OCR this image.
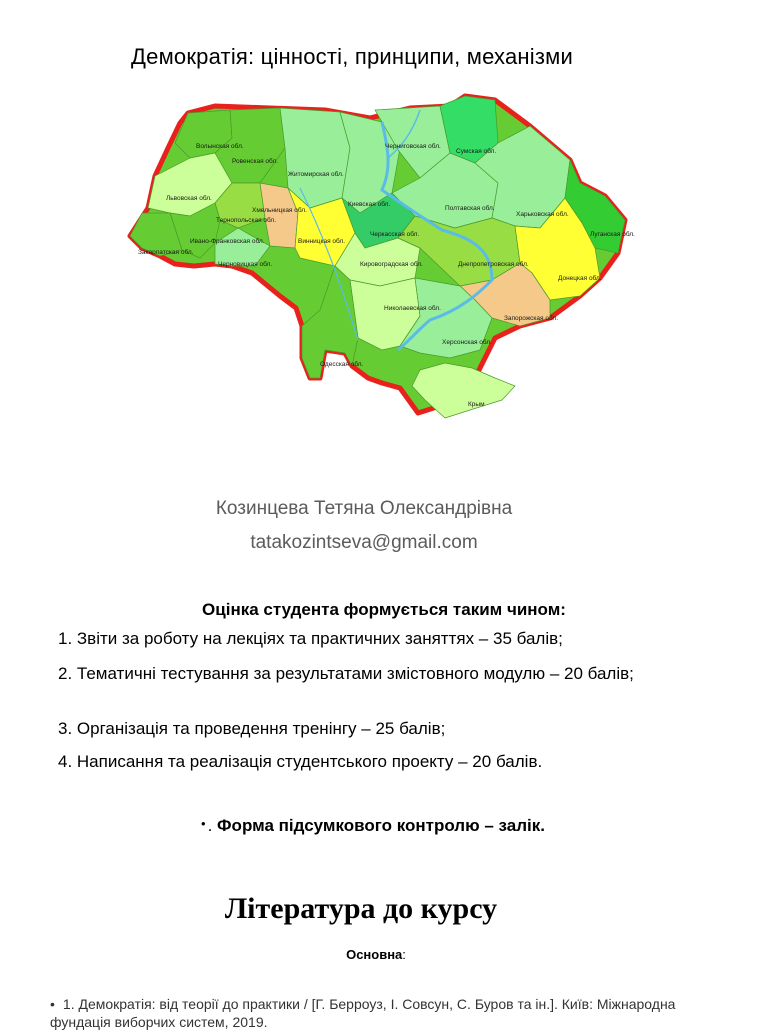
Демократія: цінності, принципи, механізми
Волынская обл.
Ровенская обл.
Житомирская обл.
Черниговская обл.
Сумская обл.
Львовская обл.
Хмельницкая обл.
Тернопольская обл.
Киевская обл.
Полтавская обл.
Харьковская обл.
Луганская обл.
Ивано-Франковская обл.	Винницкая обл.
Черкасская обл.
Закарпатская обл.
Черновицкая обл.	Кировоградская обл.	Днепропетровская обл.
Донецкая обл.
Николаевская обл.
Запорожская обл.
Одесская обл.
Херсонская обл.
Крым
Козинцева Тетяна Олександрівна
tatakozintseva@gmail.com
Оцінка студента формується таким чином:
1. Звіти за роботу на лекціях та практичних заняттях – 35 балів;
2. Тематичні тестування за результатами змістовного модулю – 20 балів;
3. Організація та проведення тренінгу – 25 балів;
4. Написання та реалізація студентського проекту – 20 балів.
• . Форма підсумкового контролю – залік.
Література до курсу
Основна:
• 1. Демократія: від теорії до практики / [Г. Берроуз, І. Совсун, С. Буров та ін.]. Київ: Міжнародна фундація виборчих систем, 2019.
